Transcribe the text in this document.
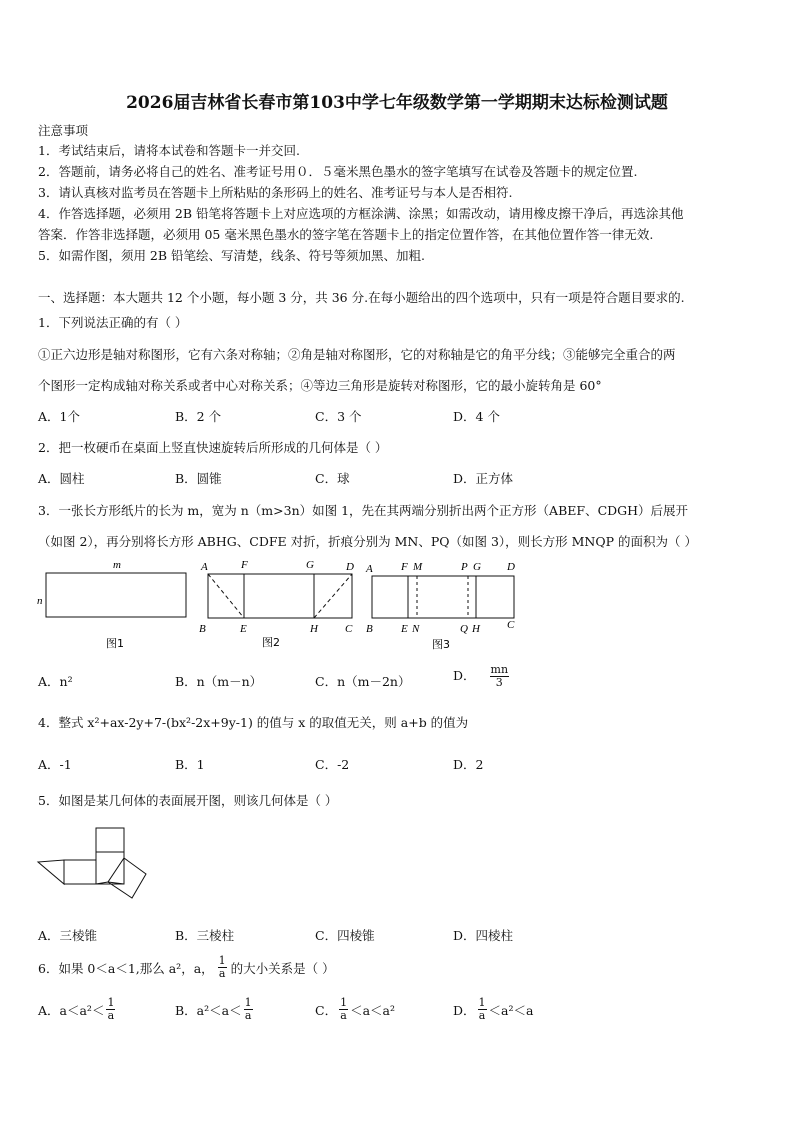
2026届吉林省长春市第103中学七年级数学第一学期期末达标检测试题
注意事项
1．考试结束后，请将本试卷和答题卡一并交回.
2．答题前，请务必将自己的姓名、准考证号用０．５毫米黑色墨水的签字笔填写在试卷及答题卡的规定位置.
3．请认真核对监考员在答题卡上所粘贴的条形码上的姓名、准考证号与本人是否相符.
4．作答选择题，必须用 2B 铅笔将答题卡上对应选项的方框涂满、涂黑；如需改动，请用橡皮擦干净后，再选涂其他
答案．作答非选择题，必须用 05 毫米黑色墨水的签字笔在答题卡上的指定位置作答，在其他位置作答一律无效.
5．如需作图，须用 2B 铅笔绘、写清楚，线条、符号等须加黑、加粗.
一、选择题：本大题共 12 个小题，每小题 3 分，共 36 分.在每小题给出的四个选项中，只有一项是符合题目要求的.
1．下列说法正确的有（ ）
①正六边形是轴对称图形，它有六条对称轴；②角是轴对称图形，它的对称轴是它的角平分线；③能够完全重合的两
个图形一定构成轴对称关系或者中心对称关系；④等边三角形是旋转对称图形，它的最小旋转角是 60°
A．1个	B．2 个	C．3 个	D．4 个
2．把一枚硬币在桌面上竖直快速旋转后所形成的几何体是（ ）
A．圆柱	B．圆锥	C．球	D．正方体
3．一张长方形纸片的长为 m，宽为 n（m>3n）如图 1，先在其两端分别折出两个正方形（ABEF、CDGH）后展开
（如图 2），再分别将长方形 ABHG、CDFE 对折，折痕分别为 MN、PQ（如图 3），则长方形 MNQP 的面积为（ ）
m
n
图1
A	F	G	D
B	E	H C
图2
A	F M	P G D
B	E N	Q H C
图3
A．n²	B．n（m－n）	C．n（m－2n）	D． $\frac{mn}{3}$
4．整式 x²+ax-2y+7-(bx²-2x+9y-1) 的值与 x 的取值无关，则 a+b 的值为
A．-1	B．1	C．-2	D．2
5．如图是某几何体的表面展开图，则该几何体是（ ）
A．三棱锥	B．三棱柱	C．四棱锥	D．四棱柱
6．如果 0＜a＜1,那么 a²，a， $\frac{1}{a}$ 的大小关系是（ ）
A．$a<a^2< \frac{1}{a}$	B．$a^2<a< \frac{1}{a}$	C． $\frac{1}{a} <a<a^2$	D． $\frac{1}{a} <a^2<a$
